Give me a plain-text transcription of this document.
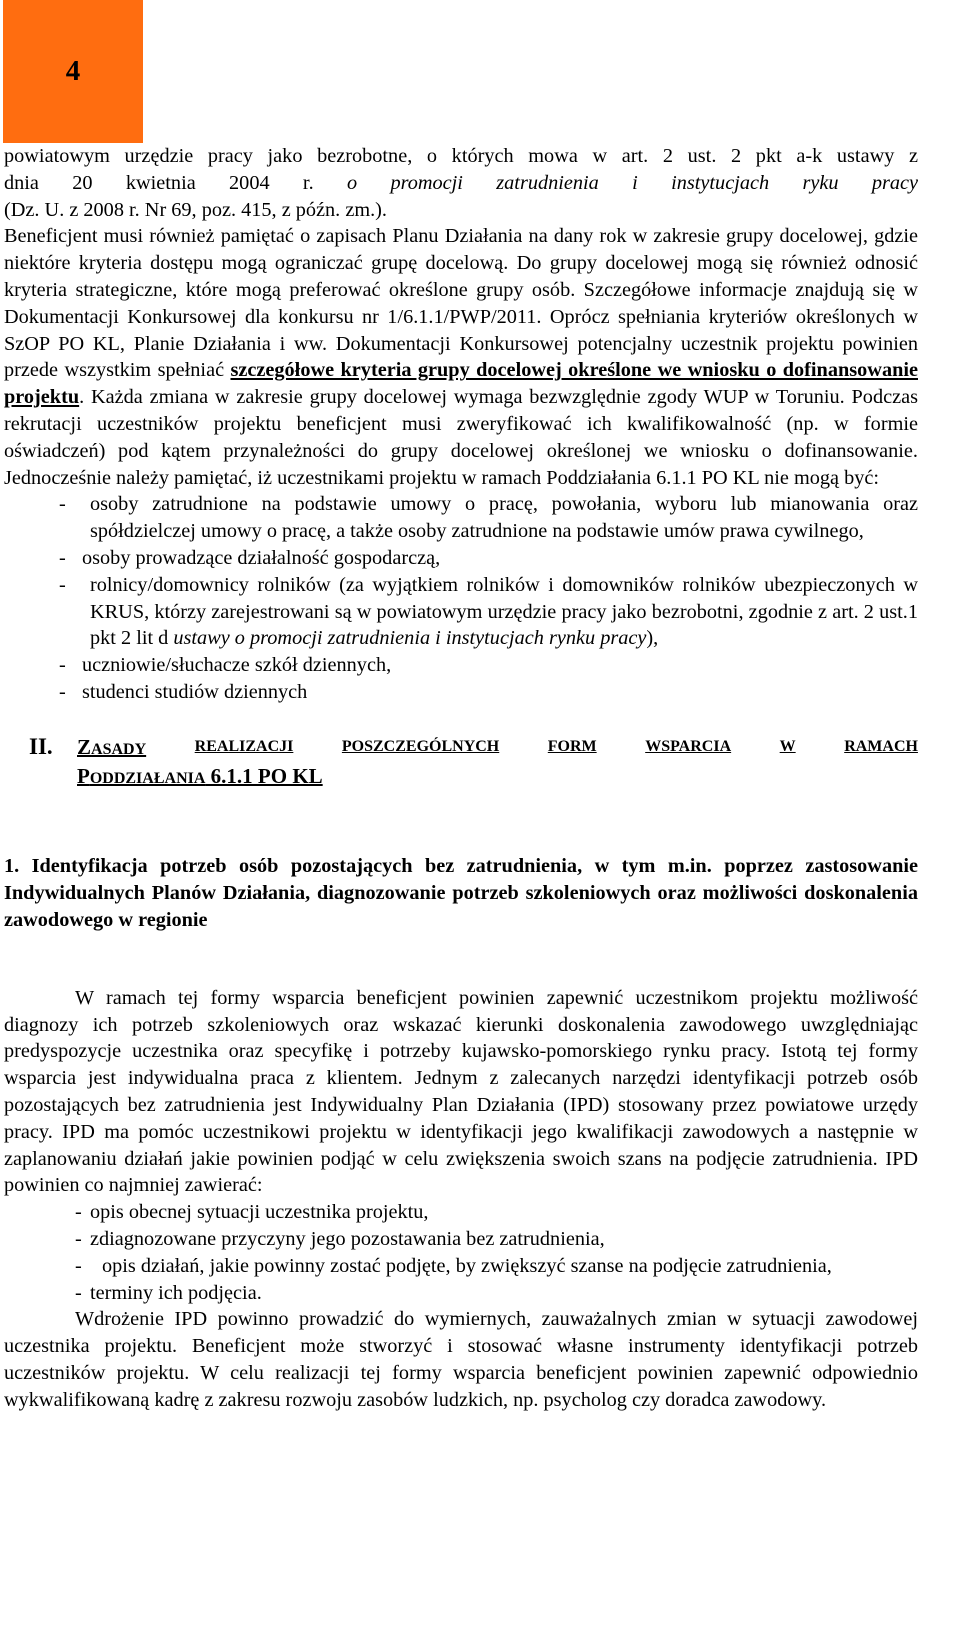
4
powiatowym urzędzie pracy jako bezrobotne, o których mowa w art. 2 ust. 2 pkt a-k ustawy z
dnia 20 kwietnia 2004 r. o promocji zatrudnienia i instytucjach ryku pracy
(Dz. U. z 2008 r. Nr 69, poz. 415, z późn. zm.).

Beneficjent musi również pamiętać o zapisach Planu Działania na dany rok w zakresie grupy docelowej, gdzie niektóre kryteria dostępu mogą ograniczać grupę docelową. Do grupy docelowej mogą się również odnosić kryteria strategiczne, które mogą preferować określone grupy osób. Szczegółowe informacje znajdują się w Dokumentacji Konkursowej dla konkursu nr 1/6.1.1/PWP/2011. Oprócz spełniania kryteriów określonych w SzOP PO KL, Planie Działania i ww. Dokumentacji Konkursowej potencjalny uczestnik projektu powinien przede wszystkim spełniać szczegółowe kryteria grupy docelowej określone we wniosku o dofinansowanie projektu. Każda zmiana w zakresie grupy docelowej wymaga bezwzględnie zgody WUP w Toruniu. Podczas rekrutacji uczestników projektu beneficjent musi zweryfikować ich kwalifikowalność (np. w formie oświadczeń) pod kątem przynależności do grupy docelowej określonej we wniosku o dofinansowanie. Jednocześnie należy pamiętać, iż uczestnikami projektu w ramach Poddziałania 6.1.1 PO KL nie mogą być:

- osoby zatrudnione na podstawie umowy o pracę, powołania, wyboru lub mianowania oraz spółdzielczej umowy o pracę, a także osoby zatrudnione na podstawie umów prawa cywilnego,
- osoby prowadzące działalność gospodarczą,
- rolnicy/domownicy rolników (za wyjątkiem rolników i domowników rolników ubezpieczonych w KRUS, którzy zarejestrowani są w powiatowym urzędzie pracy jako bezrobotni, zgodnie z art. 2 ust.1 pkt 2 lit d ustawy o promocji zatrudnienia i instytucjach rynku pracy),
- uczniowie/słuchacze szkół dziennych,
- studenci studiów dziennych
II. ZASADY	REALIZACJI	POSZCZEGÓLNYCH	FORM	WSPARCIA	W	RAMACH
PODDZIAŁANIA 6.1.1 PO KL

1. Identyfikacja potrzeb osób pozostających bez zatrudnienia, w tym m.in. poprzez zastosowanie Indywidualnych Planów Działania, diagnozowanie potrzeb szkoleniowych oraz możliwości doskonalenia zawodowego w regionie

W ramach tej formy wsparcia beneficjent powinien zapewnić uczestnikom projektu możliwość diagnozy ich potrzeb szkoleniowych oraz wskazać kierunki doskonalenia zawodowego uwzględniając predyspozycje uczestnika oraz specyfikę i potrzeby kujawsko-pomorskiego rynku pracy. Istotą tej formy wsparcia jest indywidualna praca z klientem. Jednym z zalecanych narzędzi identyfikacji potrzeb osób pozostających bez zatrudnienia jest Indywidualny Plan Działania (IPD) stosowany przez powiatowe urzędy pracy. IPD ma pomóc uczestnikowi projektu w identyfikacji jego kwalifikacji zawodowych a następnie w zaplanowaniu działań jakie powinien podjąć w celu zwiększenia swoich szans na podjęcie zatrudnienia. IPD powinien co najmniej zawierać:

- opis obecnej sytuacji uczestnika projektu,
- zdiagnozowane przyczyny jego pozostawania bez zatrudnienia,
- opis działań, jakie powinny zostać podjęte, by zwiększyć szanse na podjęcie zatrudnienia,
- terminy ich podjęcia.

Wdrożenie IPD powinno prowadzić do wymiernych, zauważalnych zmian w sytuacji zawodowej uczestnika projektu. Beneficjent może stworzyć i stosować własne instrumenty identyfikacji potrzeb uczestników projektu. W celu realizacji tej formy wsparcia beneficjent powinien zapewnić odpowiednio wykwalifikowaną kadrę z zakresu rozwoju zasobów ludzkich, np. psycholog czy doradca zawodowy.
